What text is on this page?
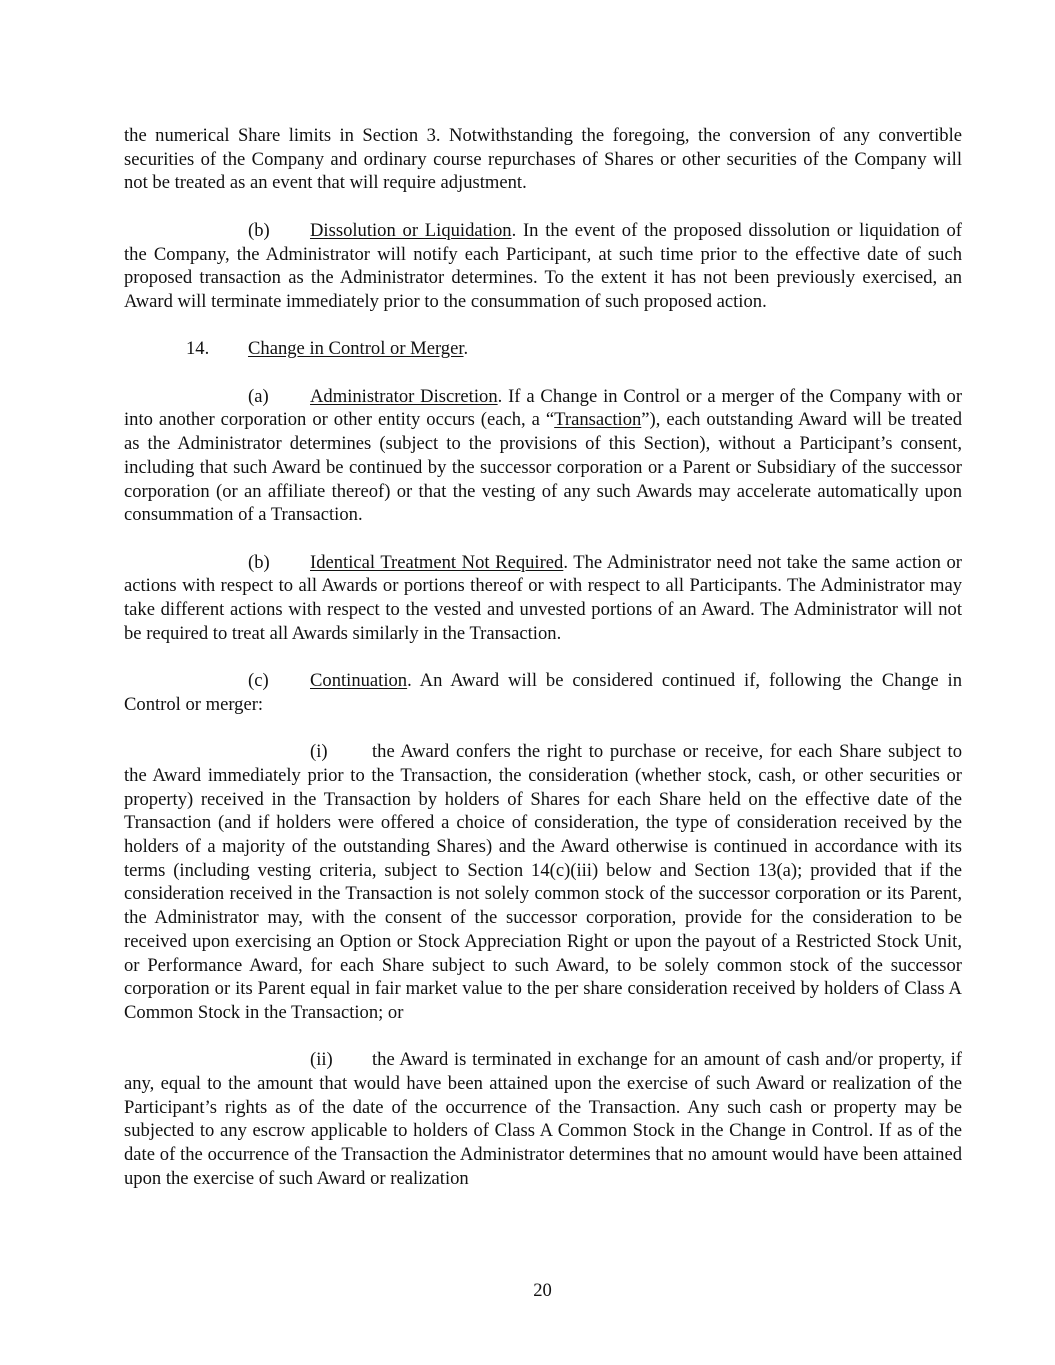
the numerical Share limits in Section 3. Notwithstanding the foregoing, the conversion of any convertible securities of the Company and ordinary course repurchases of Shares or other securities of the Company will not be treated as an event that will require adjustment.

(b) Dissolution or Liquidation. In the event of the proposed dissolution or liquidation of the Company, the Administrator will notify each Participant, at such time prior to the effective date of such proposed transaction as the Administrator determines. To the extent it has not been previously exercised, an Award will terminate immediately prior to the consummation of such proposed action.

14. Change in Control or Merger.

(a) Administrator Discretion. If a Change in Control or a merger of the Company with or into another corporation or other entity occurs (each, a “Transaction”), each outstanding Award will be treated as the Administrator determines (subject to the provisions of this Section), without a Participant’s consent, including that such Award be continued by the successor corporation or a Parent or Subsidiary of the successor corporation (or an affiliate thereof) or that the vesting of any such Awards may accelerate automatically upon consummation of a Transaction.

(b) Identical Treatment Not Required. The Administrator need not take the same action or actions with respect to all Awards or portions thereof or with respect to all Participants. The Administrator may take different actions with respect to the vested and unvested portions of an Award. The Administrator will not be required to treat all Awards similarly in the Transaction.

(c) Continuation. An Award will be considered continued if, following the Change in Control or merger:

(i) the Award confers the right to purchase or receive, for each Share subject to the Award immediately prior to the Transaction, the consideration (whether stock, cash, or other securities or property) received in the Transaction by holders of Shares for each Share held on the effective date of the Transaction (and if holders were offered a choice of consideration, the type of consideration received by the holders of a majority of the outstanding Shares) and the Award otherwise is continued in accordance with its terms (including vesting criteria, subject to Section 14(c)(iii) below and Section 13(a); provided that if the consideration received in the Transaction is not solely common stock of the successor corporation or its Parent, the Administrator may, with the consent of the successor corporation, provide for the consideration to be received upon exercising an Option or Stock Appreciation Right or upon the payout of a Restricted Stock Unit, or Performance Award, for each Share subject to such Award, to be solely common stock of the successor corporation or its Parent equal in fair market value to the per share consideration received by holders of Class A Common Stock in the Transaction; or

(ii) the Award is terminated in exchange for an amount of cash and/or property, if any, equal to the amount that would have been attained upon the exercise of such Award or realization of the Participant’s rights as of the date of the occurrence of the Transaction. Any such cash or property may be subjected to any escrow applicable to holders of Class A Common Stock in the Change in Control. If as of the date of the occurrence of the Transaction the Administrator determines that no amount would have been attained upon the exercise of such Award or realization

20
